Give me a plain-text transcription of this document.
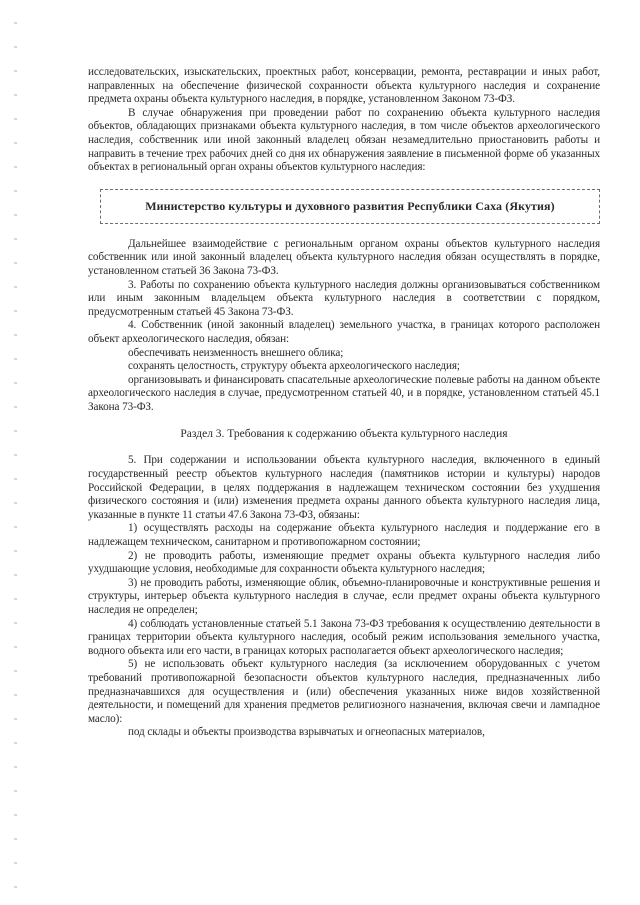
исследовательских, изыскательских, проектных работ, консервации, ремонта, реставрации и иных работ, направленных на обеспечение физической сохранности объекта культурного наследия и сохранение предмета охраны объекта культурного наследия, в порядке, установленном Законом 73-ФЗ.

В случае обнаружения при проведении работ по сохранению объекта культурного наследия объектов, обладающих признаками объекта культурного наследия, в том числе объектов археологического наследия, собственник или иной законный владелец обязан незамедлительно приостановить работы и направить в течение трех рабочих дней со дня их обнаружения заявление в письменной форме об указанных объектах в региональный орган охраны объектов культурного наследия:

Министерство культуры и духовного развития Республики Саха (Якутия)

Дальнейшее взаимодействие с региональным органом охраны объектов культурного наследия собственник или иной законный владелец объекта культурного наследия обязан осуществлять в порядке, установленном статьей 36 Закона 73-ФЗ.

3. Работы по сохранению объекта культурного наследия должны организовываться собственником или иным законным владельцем объекта культурного наследия в соответствии с порядком, предусмотренным статьей 45 Закона 73-ФЗ.

4. Собственник (иной законный владелец) земельного участка, в границах которого расположен объект археологического наследия, обязан:

обеспечивать неизменность внешнего облика;

сохранять целостность, структуру объекта археологического наследия;

организовывать и финансировать спасательные археологические полевые работы на данном объекте археологического наследия в случае, предусмотренном статьей 40, и в порядке, установленном статьей 45.1 Закона 73-ФЗ.

Раздел 3. Требования к содержанию объекта культурного наследия

5. При содержании и использовании объекта культурного наследия, включенного в единый государственный реестр объектов культурного наследия (памятников истории и культуры) народов Российской Федерации, в целях поддержания в надлежащем техническом состоянии без ухудшения физического состояния и (или) изменения предмета охраны данного объекта культурного наследия лица, указанные в пункте 11 статьи 47.6 Закона 73-ФЗ, обязаны:

1) осуществлять расходы на содержание объекта культурного наследия и поддержание его в надлежащем техническом, санитарном и противопожарном состоянии;

2) не проводить работы, изменяющие предмет охраны объекта культурного наследия либо ухудшающие условия, необходимые для сохранности объекта культурного наследия;

3) не проводить работы, изменяющие облик, объемно-планировочные и конструктивные решения и структуры, интерьер объекта культурного наследия в случае, если предмет охраны объекта культурного наследия не определен;

4) соблюдать установленные статьей 5.1 Закона 73-ФЗ требования к осуществлению деятельности в границах территории объекта культурного наследия, особый режим использования земельного участка, водного объекта или его части, в границах которых располагается объект археологического наследия;

5) не использовать объект культурного наследия (за исключением оборудованных с учетом требований противопожарной безопасности объектов культурного наследия, предназначенных либо предназначавшихся для осуществления и (или) обеспечения указанных ниже видов хозяйственной деятельности, и помещений для хранения предметов религиозного назначения, включая свечи и лампадное масло):

под склады и объекты производства взрывчатых и огнеопасных материалов,
